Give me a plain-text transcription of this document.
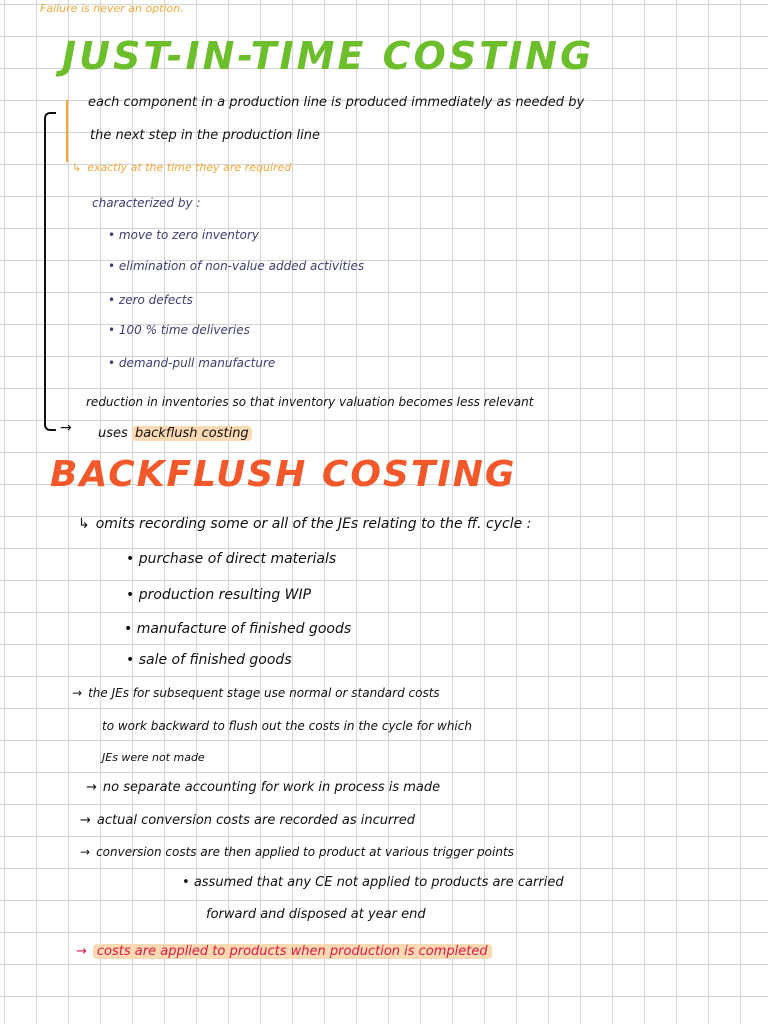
Failure is never an option.
JUST-IN-TIME COSTING
→
each component in a production line is produced immediately as needed by
the next step in the production line
↳ exactly at the time they are required
characterized by :
• move to zero inventory
• elimination of non-value added activities
• zero defects
• 100 % time deliveries
• demand-pull manufacture
reduction in inventories so that inventory valuation becomes less relevant
uses backflush costing
BACKFLUSH COSTING
↳ omits recording some or all of the JEs relating to the ff. cycle :
• purchase of direct materials
• production resulting WIP
• manufacture of finished goods
• sale of finished goods
→ the JEs for subsequent stage use normal or standard costs
to work backward to flush out the costs in the cycle for which
JEs were not made
→ no separate accounting for work in process is made
→ actual conversion costs are recorded as incurred
→ conversion costs are then applied to product at various trigger points
• assumed that any CE not applied to products are carried
forward and disposed at year end
→ costs are applied to products when production is completed
